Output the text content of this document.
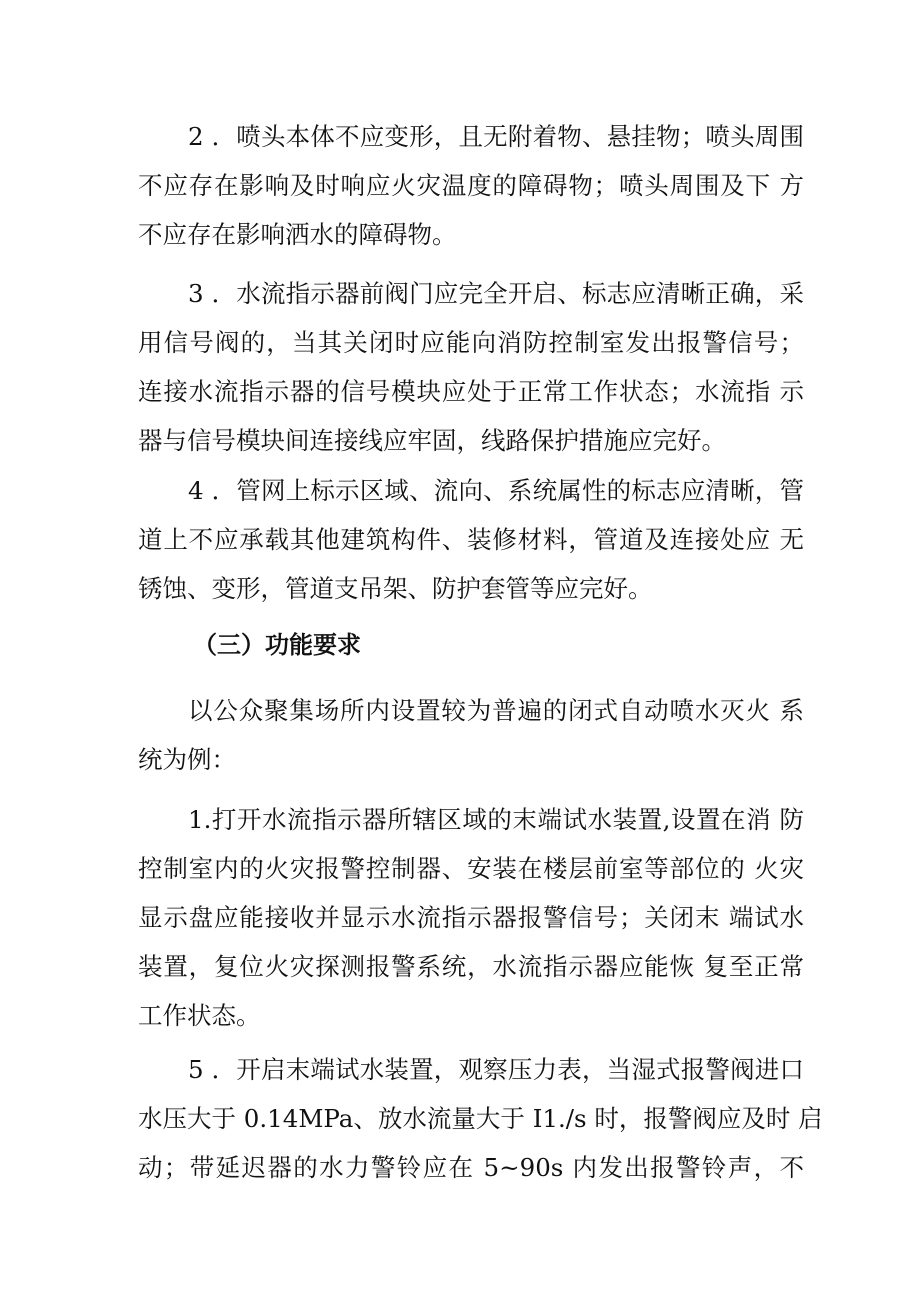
2 ．喷头本体不应变形，且无附着物、悬挂物；喷头周围
不应存在影响及时响应火灾温度的障碍物；喷头周围及下 方
不应存在影响洒水的障碍物。

3 ．水流指示器前阀门应完全开启、标志应清晰正确，采
用信号阀的，当其关闭时应能向消防控制室发出报警信号；
连接水流指示器的信号模块应处于正常工作状态；水流指 示
器与信号模块间连接线应牢固，线路保护措施应完好。

4 ．管网上标示区域、流向、系统属性的标志应清晰，管
道上不应承载其他建筑构件、装修材料，管道及连接处应 无
锈蚀、变形，管道支吊架、防护套管等应完好。

（三）功能要求

以公众聚集场所内设置较为普遍的闭式自动喷水灭火 系
统为例：

1.打开水流指示器所辖区域的末端试水装置,设置在消 防
控制室内的火灾报警控制器、安装在楼层前室等部位的 火灾
显示盘应能接收并显示水流指示器报警信号；关闭末 端试水
装置，复位火灾探测报警系统，水流指示器应能恢 复至正常
工作状态。

5 ．开启末端试水装置，观察压力表，当湿式报警阀进口
水压大于 0.14MPa、放水流量大于 I1./s 时，报警阀应及时 启
动；带延迟器的水力警铃应在 5~90s 内发出报警铃声，不
